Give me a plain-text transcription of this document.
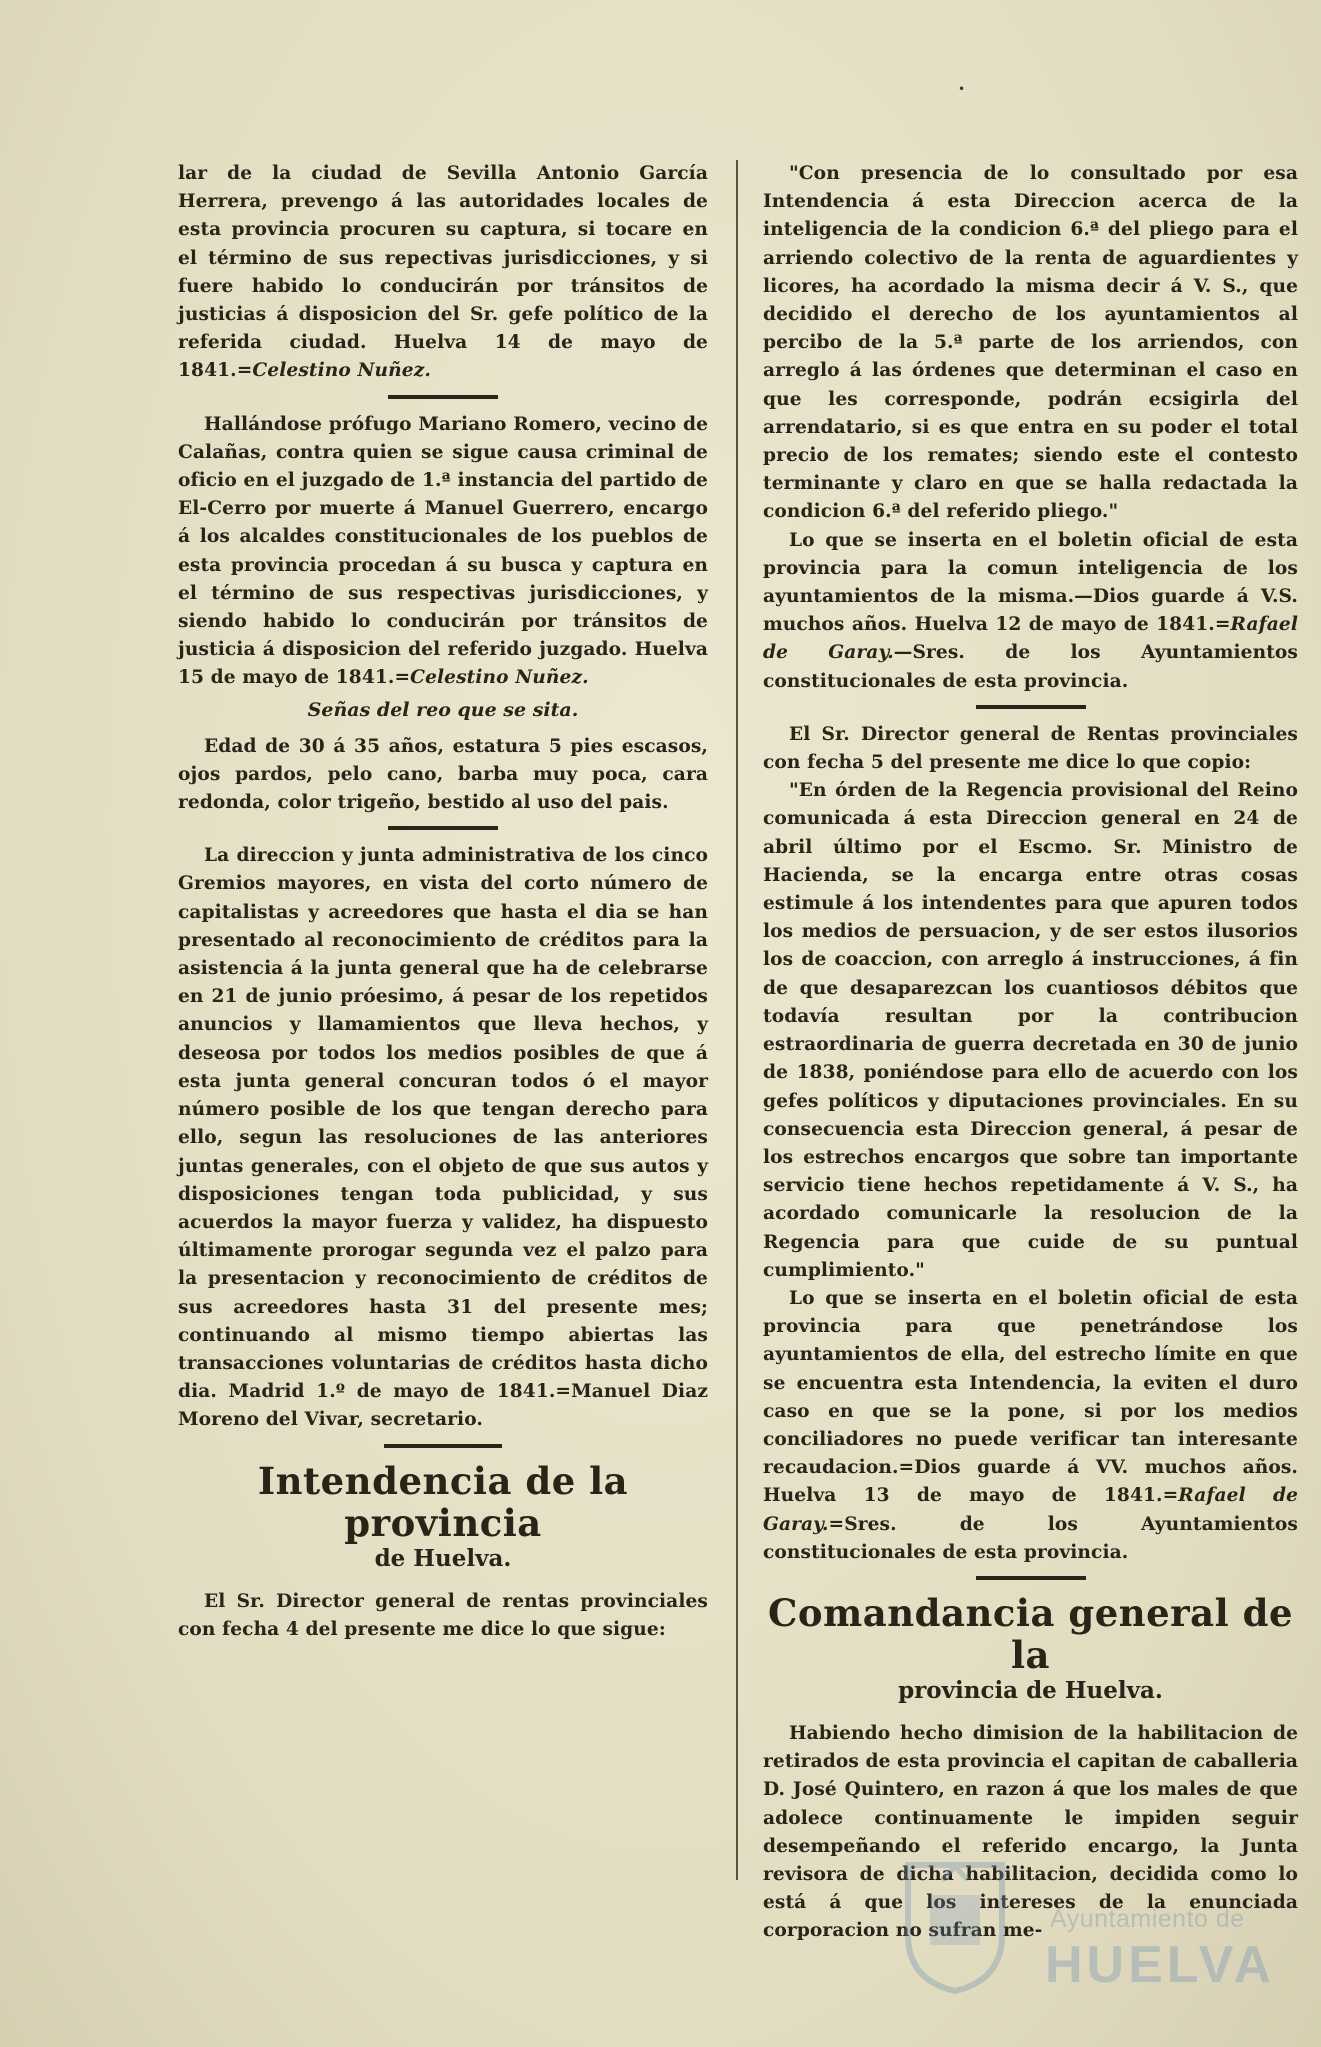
•

lar de la ciudad de Sevilla Antonio García Herrera, prevengo á las autoridades locales de esta provincia procuren su captura, si tocare en el término de sus repectivas jurisdicciones, y si fuere habido lo conducirán por tránsitos de justicias á disposicion del Sr. gefe político de la referida ciudad. Huelva 14 de mayo de 1841.=Celestino Nuñez.

Hallándose prófugo Mariano Romero, vecino de Calañas, contra quien se sigue causa criminal de oficio en el juzgado de 1.ª instancia del partido de El-Cerro por muerte á Manuel Guerrero, encargo á los alcaldes constitucionales de los pueblos de esta provincia procedan á su busca y captura en el término de sus respectivas jurisdicciones, y siendo habido lo conducirán por tránsitos de justicia á disposicion del referido juzgado. Huelva 15 de mayo de 1841.=Celestino Nuñez.

Señas del reo que se sita.

Edad de 30 á 35 años, estatura 5 pies escasos, ojos pardos, pelo cano, barba muy poca, cara redonda, color trigeño, bestido al uso del pais.

La direccion y junta administrativa de los cinco Gremios mayores, en vista del corto número de capitalistas y acreedores que hasta el dia se han presentado al reconocimiento de créditos para la asistencia á la junta general que ha de celebrarse en 21 de junio próesimo, á pesar de los repetidos anuncios y llamamientos que lleva hechos, y deseosa por todos los medios posibles de que á esta junta general concuran todos ó el mayor número posible de los que tengan derecho para ello, segun las resoluciones de las anteriores juntas generales, con el objeto de que sus autos y disposiciones tengan toda publicidad, y sus acuerdos la mayor fuerza y validez, ha dispuesto últimamente prorogar segunda vez el palzo para la presentacion y reconocimiento de créditos de sus acreedores hasta 31 del presente mes; continuando al mismo tiempo abiertas las transacciones voluntarias de créditos hasta dicho dia. Madrid 1.º de mayo de 1841.=Manuel Diaz Moreno del Vivar, secretario.

Intendencia de la provincia
de Huelva.

El Sr. Director general de rentas provinciales con fecha 4 del presente me dice lo que sigue:

"Con presencia de lo consultado por esa Intendencia á esta Direccion acerca de la inteligencia de la condicion 6.ª del pliego para el arriendo colectivo de la renta de aguardientes y licores, ha acordado la misma decir á V. S., que decidido el derecho de los ayuntamientos al percibo de la 5.ª parte de los arriendos, con arreglo á las órdenes que determinan el caso en que les corresponde, podrán ecsigirla del arrendatario, si es que entra en su poder el total precio de los remates; siendo este el contesto terminante y claro en que se halla redactada la condicion 6.ª del referido pliego."

Lo que se inserta en el boletin oficial de esta provincia para la comun inteligencia de los ayuntamientos de la misma.—Dios guarde á V.S. muchos años. Huelva 12 de mayo de 1841.=Rafael de Garay.—Sres. de los Ayuntamientos constitucionales de esta provincia.

El Sr. Director general de Rentas provinciales con fecha 5 del presente me dice lo que copio:

"En órden de la Regencia provisional del Reino comunicada á esta Direccion general en 24 de abril último por el Escmo. Sr. Ministro de Hacienda, se la encarga entre otras cosas estimule á los intendentes para que apuren todos los medios de persuacion, y de ser estos ilusorios los de coaccion, con arreglo á instrucciones, á fin de que desaparezcan los cuantiosos débitos que todavía resultan por la contribucion estraordinaria de guerra decretada en 30 de junio de 1838, poniéndose para ello de acuerdo con los gefes políticos y diputaciones provinciales. En su consecuencia esta Direccion general, á pesar de los estrechos encargos que sobre tan importante servicio tiene hechos repetidamente á V. S., ha acordado comunicarle la resolucion de la Regencia para que cuide de su puntual cumplimiento."

Lo que se inserta en el boletin oficial de esta provincia para que penetrándose los ayuntamientos de ella, del estrecho límite en que se encuentra esta Intendencia, la eviten el duro caso en que se la pone, si por los medios conciliadores no puede verificar tan interesante recaudacion.=Dios guarde á VV. muchos años. Huelva 13 de mayo de 1841.=Rafael de Garay.=Sres. de los Ayuntamientos constitucionales de esta provincia.

Comandancia general de la
provincia de Huelva.

Habiendo hecho dimision de la habilitacion de retirados de esta provincia el capitan de caballeria D. José Quintero, en razon á que los males de que adolece continuamente le impiden seguir desempeñando el referido encargo, la Junta revisora de dicha habilitacion, decidida como lo está á que los intereses de la enunciada corporacion no sufran me- Ayuntamiento de
HUELVA
